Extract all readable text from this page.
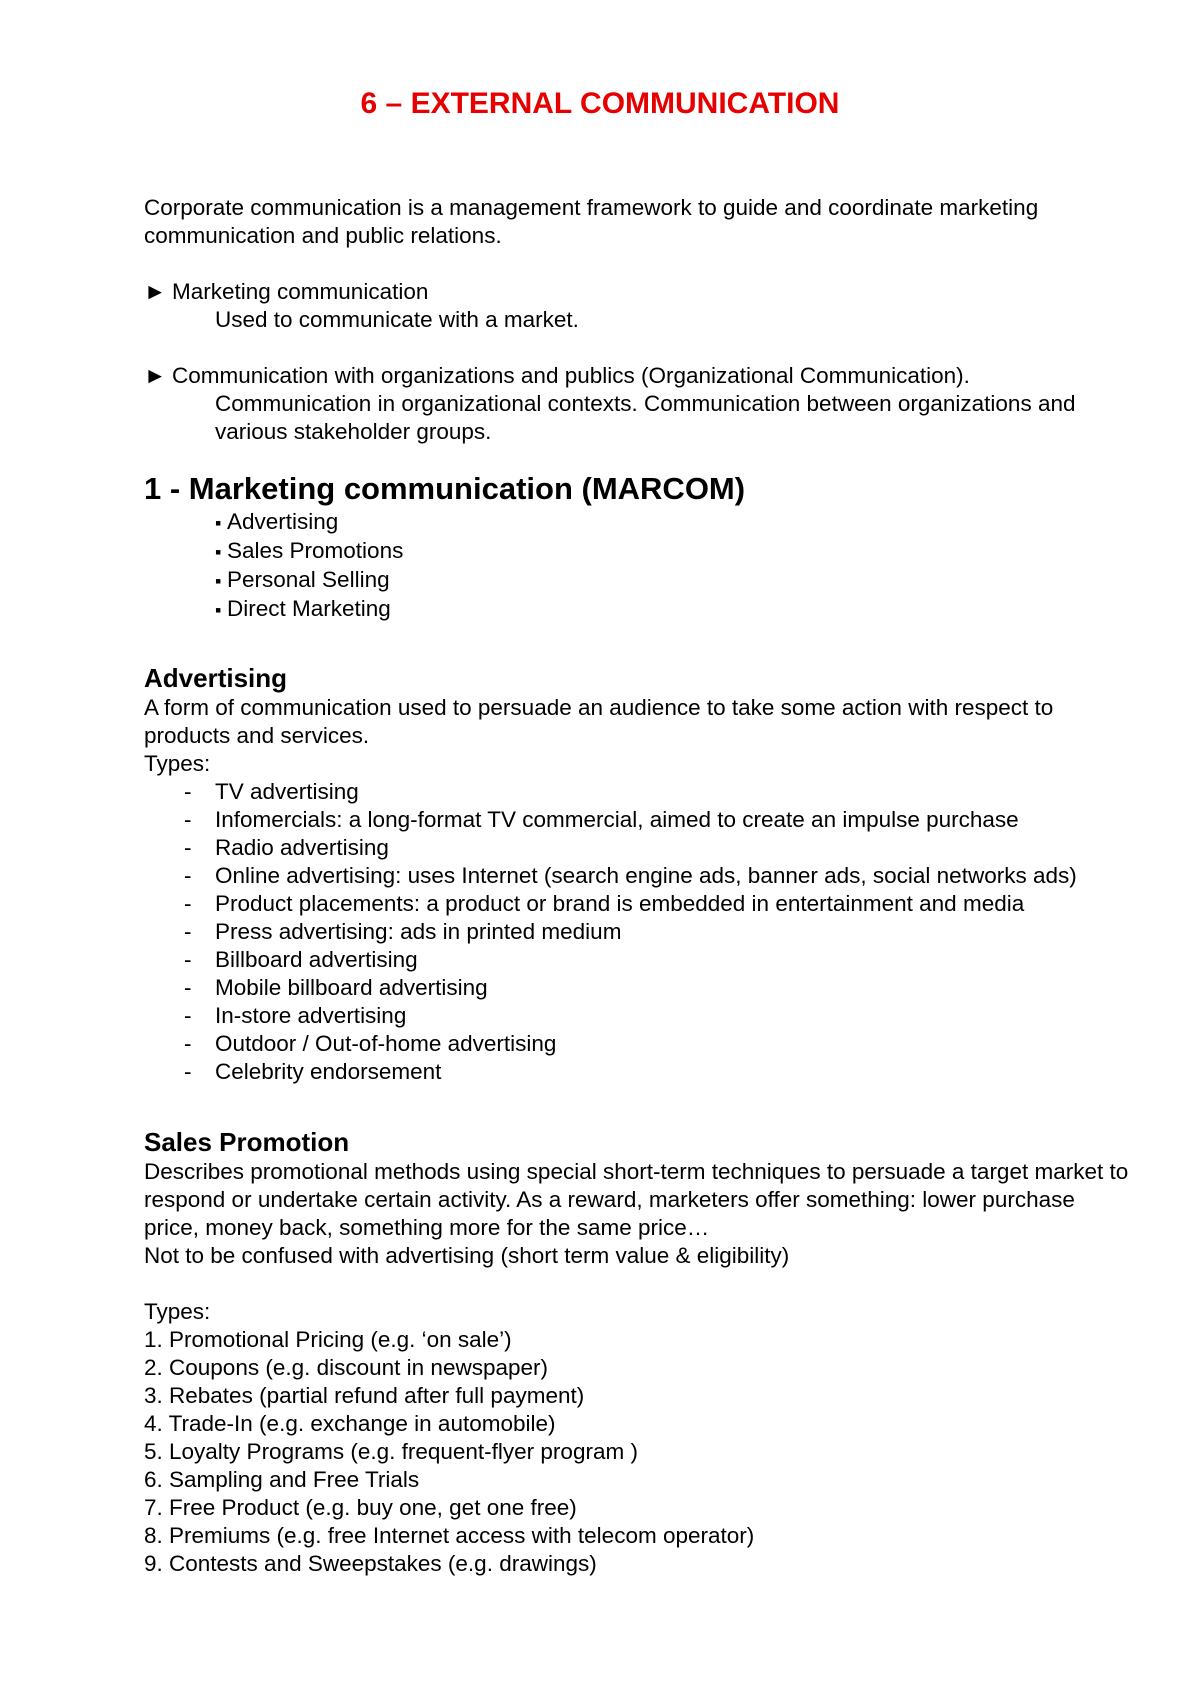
6 – EXTERNAL COMMUNICATION

Corporate communication is a management framework to guide and coordinate marketing communication and public relations.

► Marketing communication

Used to communicate with a market.

► Communication with organizations and publics (Organizational Communication).

Communication in organizational contexts. Communication between organizations and various stakeholder groups.

1 - Marketing communication (MARCOM)
▪ Advertising
▪ Sales Promotions
▪ Personal Selling
▪ Direct Marketing
Advertising

A form of communication used to persuade an audience to take some action with respect to products and services.

Types:

- TV advertising
- Infomercials: a long-format TV commercial, aimed to create an impulse purchase
- Radio advertising
- Online advertising: uses Internet (search engine ads, banner ads, social networks ads)
- Product placements: a product or brand is embedded in entertainment and media
- Press advertising: ads in printed medium
- Billboard advertising
- Mobile billboard advertising
- In-store advertising
- Outdoor / Out-of-home advertising
- Celebrity endorsement
Sales Promotion

Describes promotional methods using special short-term techniques to persuade a target market to respond or undertake certain activity. As a reward, marketers offer something: lower purchase price, money back, something more for the same price…

Not to be confused with advertising (short term value & eligibility)

Types:

1. Promotional Pricing (e.g. ‘on sale’)
2. Coupons (e.g. discount in newspaper)
3. Rebates (partial refund after full payment)
4. Trade-In (e.g. exchange in automobile)
5. Loyalty Programs (e.g. frequent-flyer program )
6. Sampling and Free Trials
7. Free Product (e.g. buy one, get one free)
8. Premiums (e.g. free Internet access with telecom operator)
9. Contests and Sweepstakes (e.g. drawings)
